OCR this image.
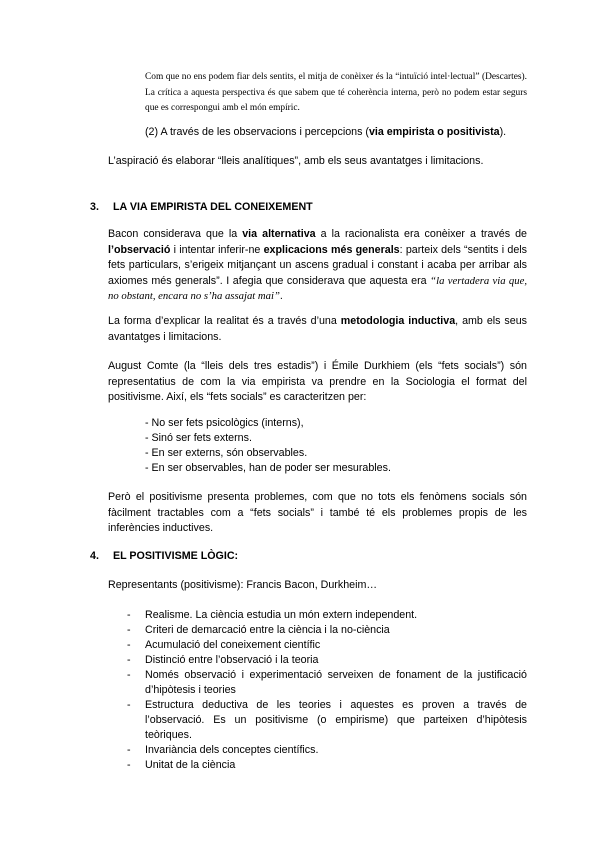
Com que no ens podem fiar dels sentits, el mitja de conèixer és la “intuïció intel·lectual” (Descartes). La crítica a aquesta perspectiva és que sabem que té coherència interna, però no podem estar segurs que es correspongui amb el món empíric.

(2) A través de les observacions i percepcions (via empirista o positivista).

L’aspiració és elaborar “lleis analítiques”, amb els seus avantatges i limitacions.

3. LA VIA EMPIRISTA DEL CONEIXEMENT

Bacon considerava que la via alternativa a la racionalista era conèixer a través de l’observació i intentar inferir-ne explicacions més generals: parteix dels “sentits i dels fets particulars, s’erigeix mitjançant un ascens gradual i constant i acaba per arribar als axiomes més generals”. I afegia que considerava que aquesta era “la vertadera via que, no obstant, encara no s’ha assajat mai”.

La forma d’explicar la realitat és a través d’una metodologia inductiva, amb els seus avantatges i limitacions.

August Comte (la “lleis dels tres estadis”) i Émile Durkhiem (els “fets socials”) són representatius de com la via empirista va prendre en la Sociologia el format del positivisme. Així, els “fets socials” es caracteritzen per:

- No ser fets psicològics (interns),
- Sinó ser fets externs.
- En ser externs, són observables.
- En ser observables, han de poder ser mesurables.

Però el positivisme presenta problemes, com que no tots els fenòmens socials són fàcilment tractables com a “fets socials” i també té els problemes propis de les inferències inductives.

4. EL POSITIVISME LÒGIC:

Representants (positivisme): Francis Bacon, Durkheim…

- Realisme. La ciència estudia un món extern independent.
- Criteri de demarcació entre la ciència i la no-ciència
- Acumulació del coneixement científic
- Distinció entre l’observació i la teoria
- Només observació i experimentació serveixen de fonament de la justificació d’hipòtesis i teories
- Estructura deductiva de les teories i aquestes es proven a través de l’observació. Es un positivisme (o empirisme) que parteixen d’hipòtesis teòriques.
- Invariància dels conceptes científics.
- Unitat de la ciència
